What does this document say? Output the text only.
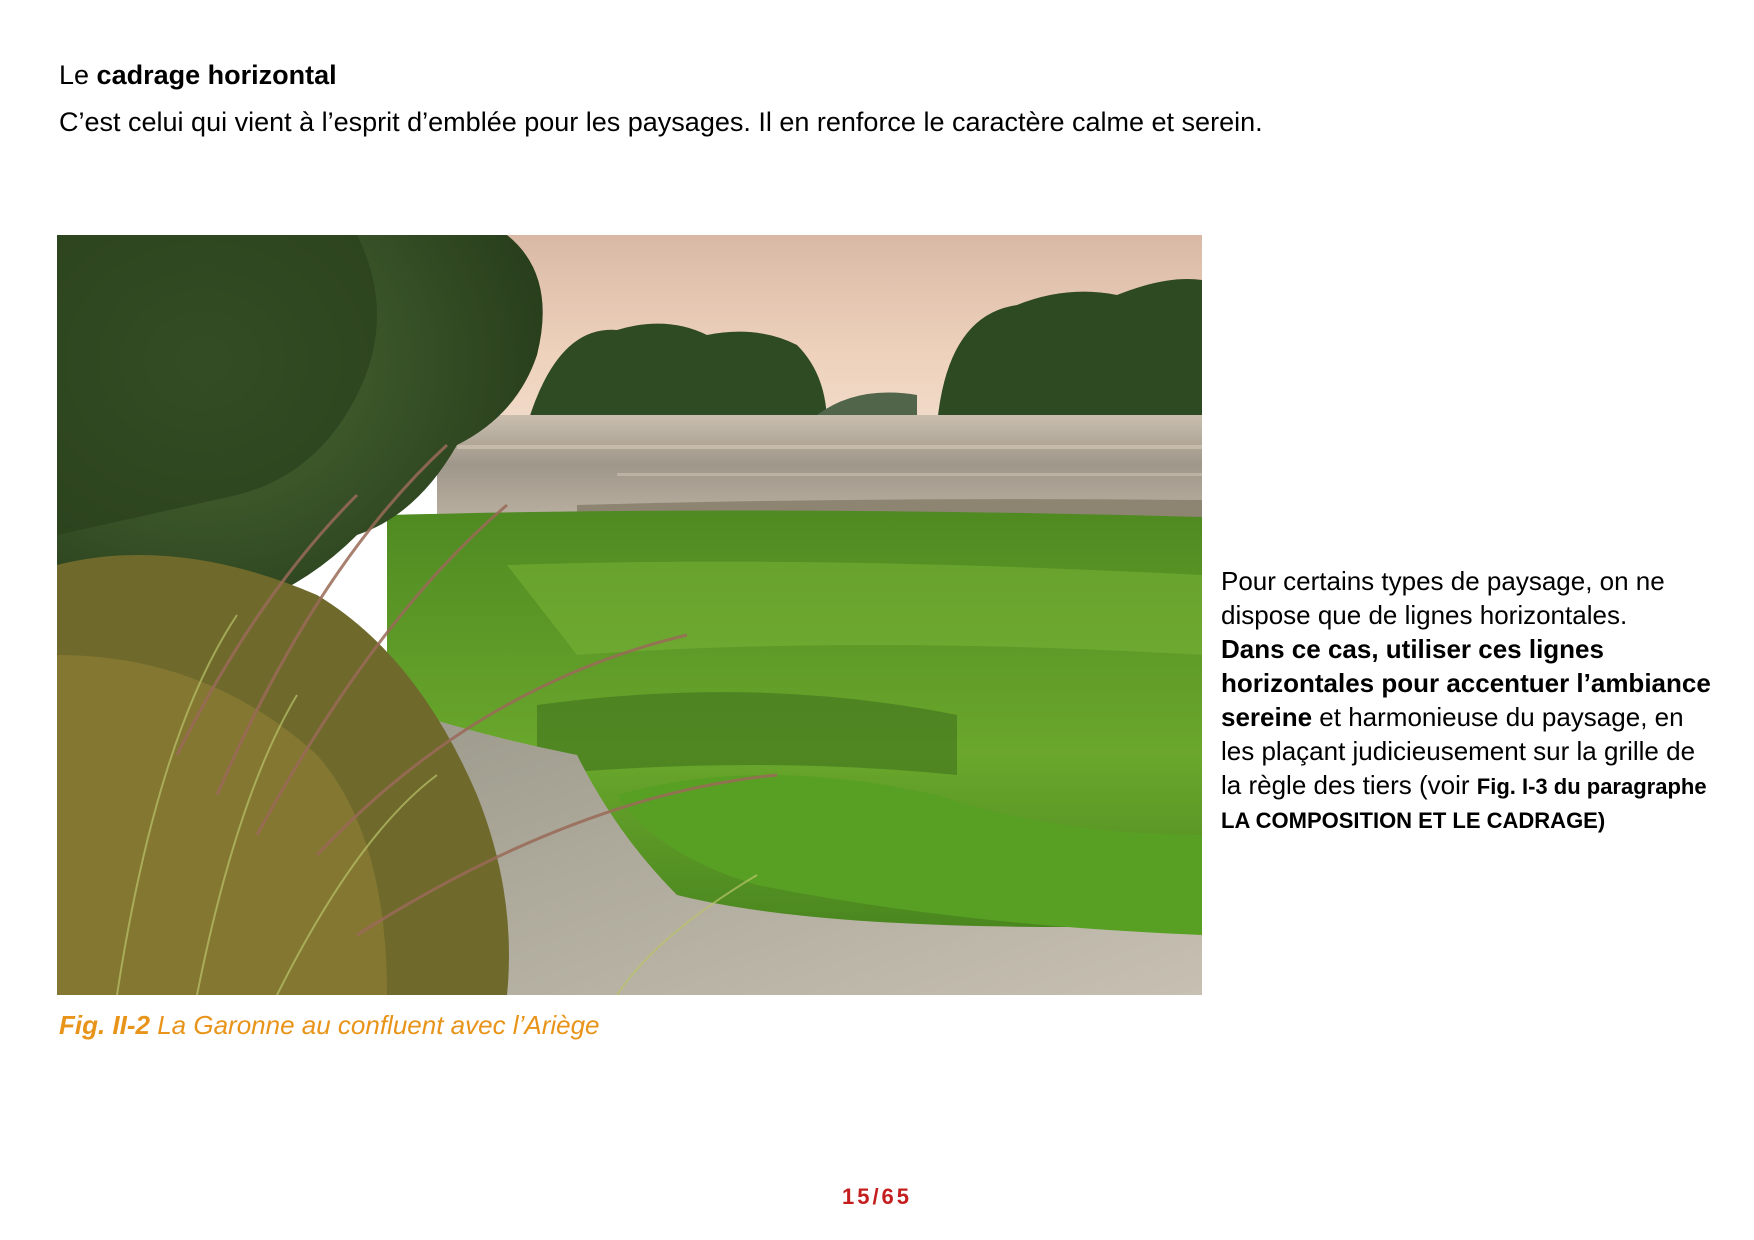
Le cadrage horizontal

C’est celui qui vient à l’esprit d’emblée pour les paysages. Il en renforce le caractère calme et serein.

Fig. II-2 La Garonne au confluent avec l’Ariège

Pour certains types de paysage, on ne dispose que de lignes horizontales.
Dans ce cas, utiliser ces lignes horizontales pour accentuer l’ambiance sereine et harmonieuse du paysage, en les plaçant judicieusement sur la grille de la règle des tiers (voir Fig. I-3 du paragraphe LA COMPOSITION ET LE CADRAGE)

15/65
